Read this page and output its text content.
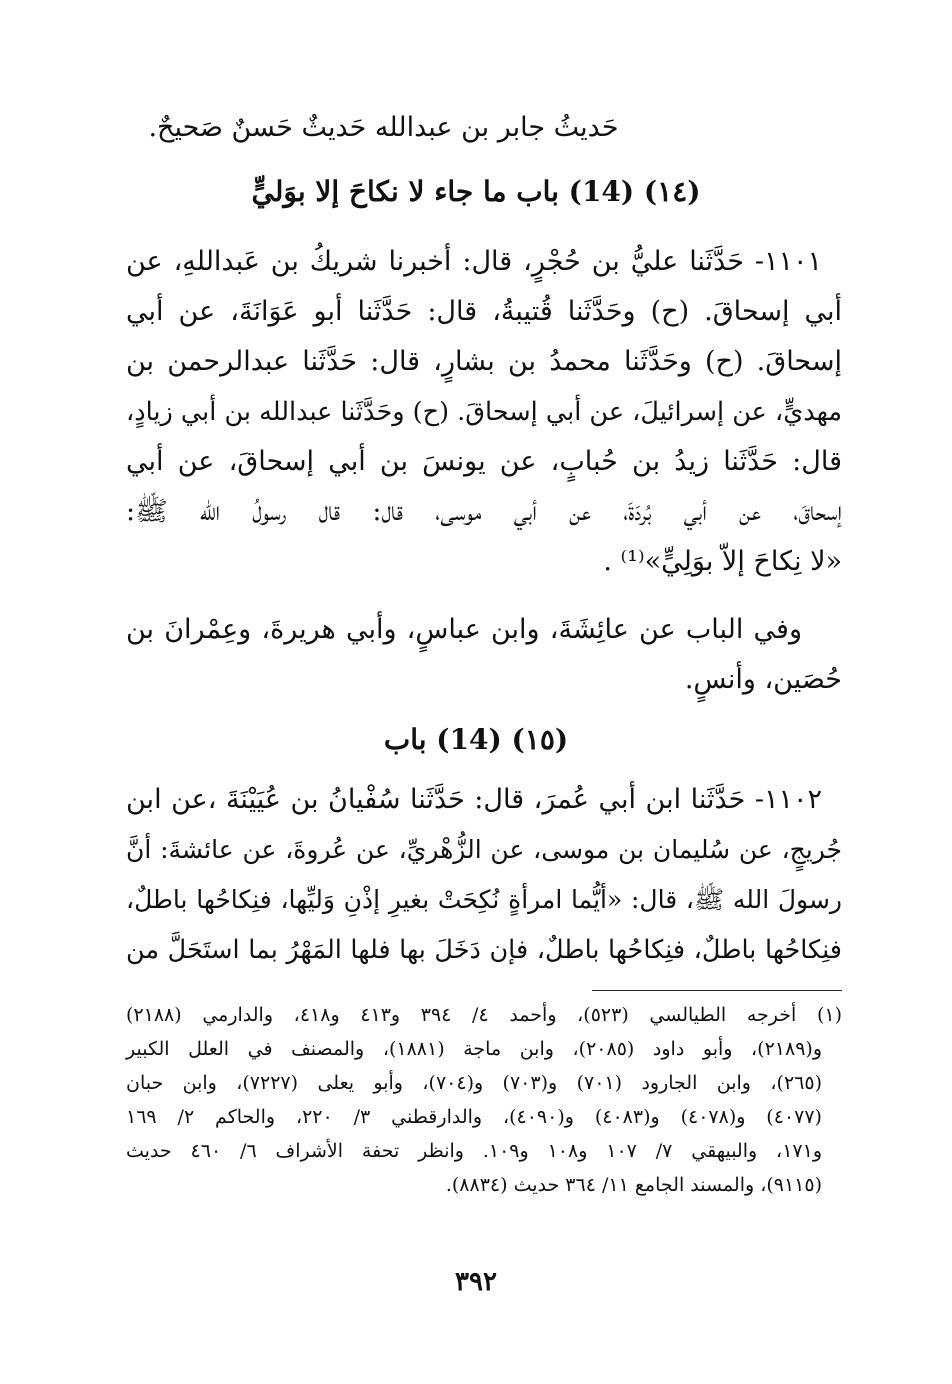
حَديثُ جابر بن عبدالله حَديثٌ حَسنٌ صَحيحٌ.
(١٤) (14) باب ما جاء لا نكاحَ إلا بوَليٍّ
١١٠١- حَدَّثَنا عليُّ بن حُجْرٍ، قال: أخبرنا شريكُ بن عَبداللهِ، عن
أبي إسحاقَ. (ح) وحَدَّثَنا قُتيبةُ، قال: حَدَّثَنا أبو عَوَانَةَ، عن أبي
إسحاقَ. (ح) وحَدَّثَنا محمدُ بن بشارٍ، قال: حَدَّثَنا عبدالرحمن بن
مهديٍّ، عن إسرائيلَ، عن أبي إسحاقَ. (ح) وحَدَّثَنا عبدالله بن أبي زيادٍ،
قال: حَدَّثَنا زيدُ بن حُبابٍ، عن يونسَ بن أبي إسحاقَ، عن أبي
إسحاقَ، عن أبي بُردَةَ، عن أبي موسى، قال: قال رسولُ الله ﷺ:
«لا نِكاحَ إلاّ بوَلِيٍّ»⁽¹⁾ .
وفي الباب عن عائِشَةَ، وابن عباسٍ، وأبي هريرةَ، وعِمْرانَ بن
حُصَين، وأنسٍ.
(١٥) (14) باب
١١٠٢- حَدَّثَنا ابن أبي عُمرَ، قال: حَدَّثَنا سُفْيانُ بن عُيَيْنَةَ ،عن ابن
جُريجٍ، عن سُليمان بن موسى، عن الزُّهْريِّ، عن عُروةَ، عن عائشةَ: أنَّ
رسولَ الله ﷺ، قال: «أيُّما امرأةٍ نُكِحَتْ بغيرِ إذْنِ وَليِّها، فنِكاحُها باطلٌ،
فنِكاحُها باطلٌ، فنِكاحُها باطلٌ، فإن دَخَلَ بها فلها المَهْرُ بما استَحَلَّ من
(١) أخرجه الطيالسي (٥٢٣)، وأحمد ٤/ ٣٩٤ و٤١٣ و٤١٨، والدارمي (٢١٨٨)
و(٢١٨٩)، وأبو داود (٢٠٨٥)، وابن ماجة (١٨٨١)، والمصنف في العلل الكبير
(٢٦٥)، وابن الجارود (٧٠١) و(٧٠٣) و(٧٠٤)، وأبو يعلى (٧٢٢٧)، وابن حبان
(٤٠٧٧) و(٤٠٧٨) و(٤٠٨٣) و(٤٠٩٠)، والدارقطني ٣/ ٢٢٠، والحاكم ٢/ ١٦٩
و١٧١، والبيهقي ٧/ ١٠٧ و١٠٨ و١٠٩. وانظر تحفة الأشراف ٦/ ٤٦٠ حديث
(٩١١٥)، والمسند الجامع ١١/ ٣٦٤ حديث (٨٨٣٤).
٣٩٢
